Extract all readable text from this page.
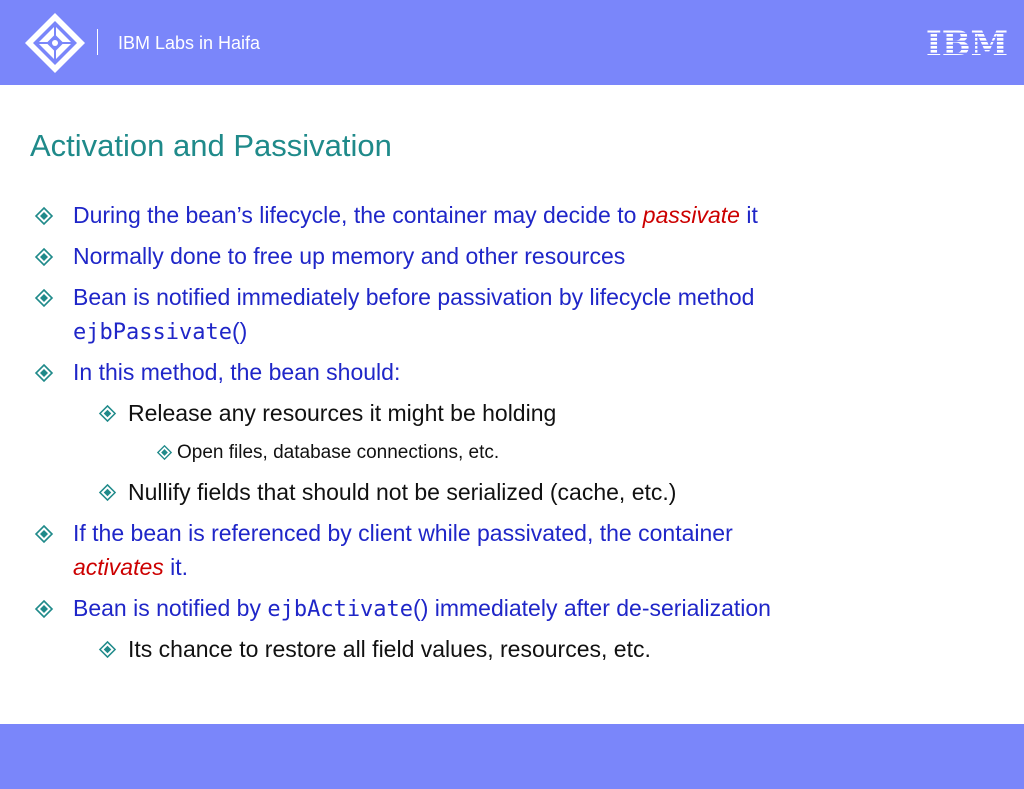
IBM Labs in Haifa	IBM
Activation and Passivation
During the bean’s lifecycle, the container may decide to passivate it
Normally done to free up memory and other resources
Bean is notified immediately before passivation by lifecycle method
ejbPassivate()
In this method, the bean should:
Release any resources it might be holding
Open files, database connections, etc.
Nullify fields that should not be serialized (cache, etc.)
If the bean is referenced by client while passivated, the container
activates it.
Bean is notified by ejbActivate() immediately after de-serialization
Its chance to restore all field values, resources, etc.
